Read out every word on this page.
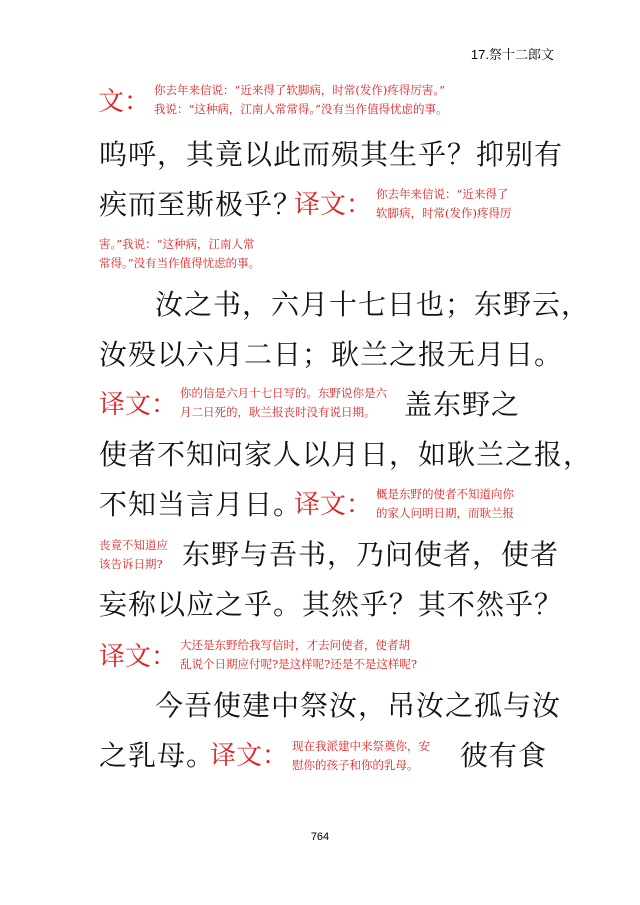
17.祭十二郎文
文： 你去年来信说：“近来得了软脚病，时常(发作)疼得厉害。”
我说：“这种病，江南人常常得。”没有当作值得忧虑的事。
呜呼，其竟以此而殒其生乎？抑别有
疾而至斯极乎？
译文： 你去年来信说：“近来得了
软脚病，时常(发作)疼得厉
害。”我说：“这种病，江南人常
常得。”没有当作值得忧虑的事。
汝之书，六月十七日也；东野云，
汝殁以六月二日；耿兰之报无月日。
译文： 你的信是六月十七日写的。东野说你是六
月二日死的，耿兰报丧时没有说日期。	盖东野之
使者不知问家人以月日，如耿兰之报，
不知当言月日。
译文： 概是东野的使者不知道向你
的家人问明日期，而耿兰报
丧竟不知道应
该告诉日期? 东野与吾书，乃问使者，使者
妄称以应之乎。其然乎？其不然乎？
译文： 大还是东野给我写信时，才去问使者，使者胡
乱说个日期应付呢?是这样呢?还是不是这样呢?
今吾使建中祭汝，吊汝之孤与汝
之乳母。
译文： 现在我派建中来祭奠你，安
慰你的孩子和你的乳母。	彼有食
764
